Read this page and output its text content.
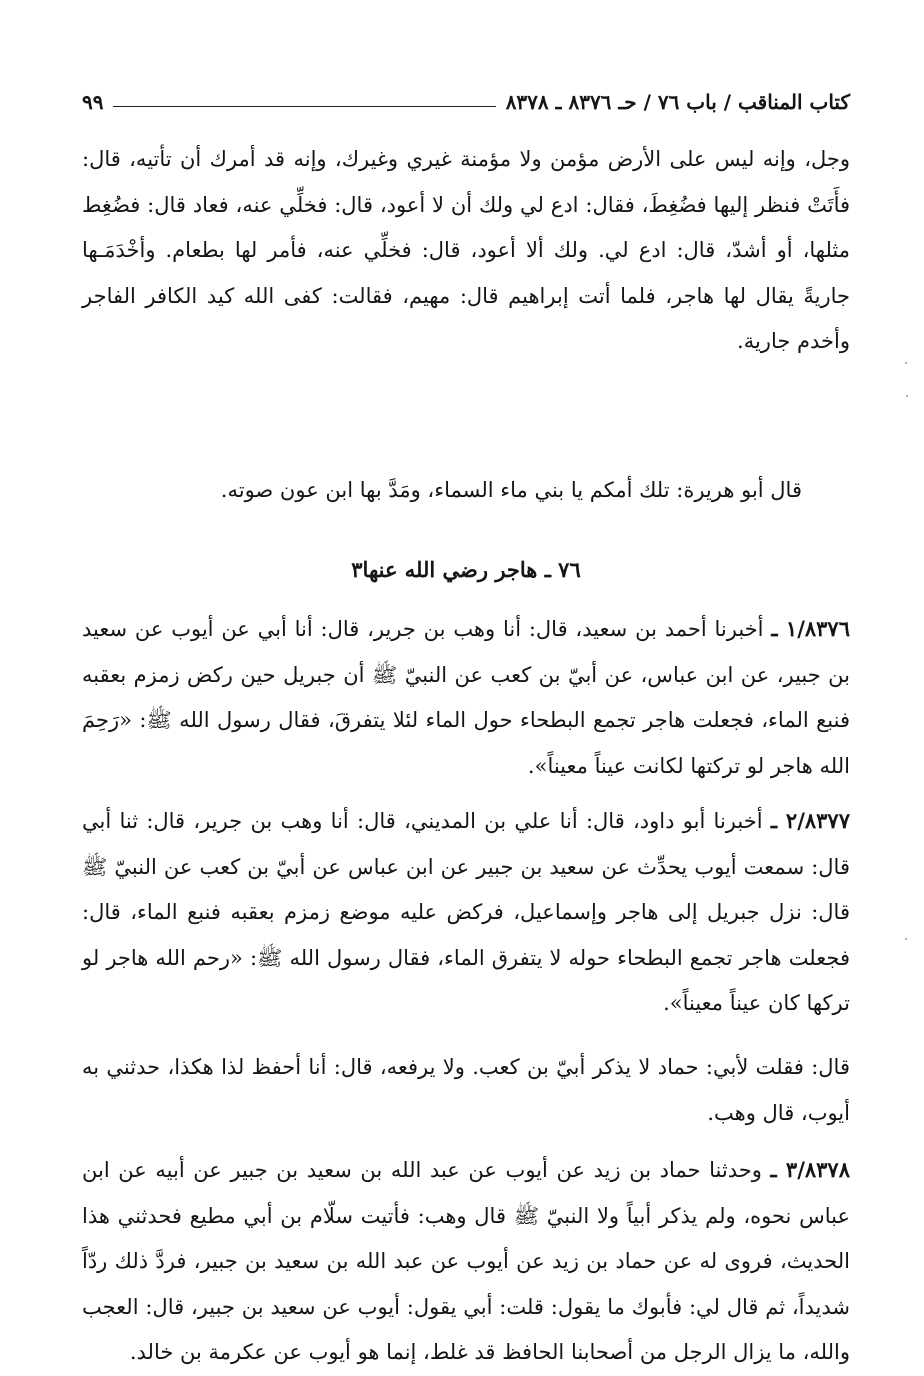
كتاب المناقب / باب ٧٦ / حـ ٨٣٧٦ ـ ٨٣٧٨
٩٩

وجل، وإنه ليس على الأرض مؤمن ولا مؤمنة غيري وغيرك، وإنه قد أمرك أن تأتيه، قال: فأَتَتْ فنظر إليها فضُغِطَ، فقال: ادع لي ولك أن لا أعود، قال: فخلِّي عنه، فعاد قال: فضُغِط مثلها، أو أشدّ، قال: ادع لي. ولك ألا أعود، قال: فخلِّي عنه، فأمر لها بطعام. وأخْدَمَـها جاريةً يقال لها هاجر، فلما أتت إبراهيم قال: مهيم، فقالت: كفى الله كيد الكافر الفاجر وأخدم جارية.

قال أبو هريرة: تلك أمكم يا بني ماء السماء، ومَدَّ بها ابن عون صوته.

٧٦ ـ هاجر رضي الله عنها٣

١/٨٣٧٦ ـ أخبرنا أحمد بن سعيد، قال: أنا وهب بن جرير، قال: أنا أبي عن أيوب عن سعيد بن جبير، عن ابن عباس، عن أبيّ بن كعب عن النبيّ ﷺ أن جبريل حين ركض زمزم بعقبه فنبع الماء، فجعلت هاجر تجمع البطحاء حول الماء لئلا يتفرقَ، فقال رسول الله ﷺ: «رَحِمَ الله هاجر لو تركتها لكانت عيناً معيناً».

٢/٨٣٧٧ ـ أخبرنا أبو داود، قال: أنا علي بن المديني، قال: أنا وهب بن جرير، قال: ثنا أبي قال: سمعت أيوب يحدِّث عن سعيد بن جبير عن ابن عباس عن أبيّ بن كعب عن النبيّ ﷺ قال: نزل جبريل إلى هاجر وإسماعيل، فركض عليه موضع زمزم بعقبه فنبع الماء، قال: فجعلت هاجر تجمع البطحاء حوله لا يتفرق الماء، فقال رسول الله ﷺ: «رحم الله هاجر لو تركها كان عيناً معيناً».

قال: فقلت لأبي: حماد لا يذكر أبيّ بن كعب. ولا يرفعه، قال: أنا أحفظ لذا هكذا، حدثني به أيوب، قال وهب.

٣/٨٣٧٨ ـ وحدثنا حماد بن زيد عن أيوب عن عبد الله بن سعيد بن جبير عن أبيه عن ابن عباس نحوه، ولم يذكر أبياً ولا النبيّ ﷺ قال وهب: فأتيت سلّام بن أبي مطيع فحدثني هذا الحديث، فروى له عن حماد بن زيد عن أيوب عن عبد الله بن سعيد بن جبير، فردَّ ذلك ردّاً شديداً، ثم قال لي: فأبوك ما يقول: قلت: أبي يقول: أيوب عن سعيد بن جبير، قال: العجب والله، ما يزال الرجل من أصحابنا الحافظ قد غلط، إنما هو أيوب عن عكرمة بن خالد.
